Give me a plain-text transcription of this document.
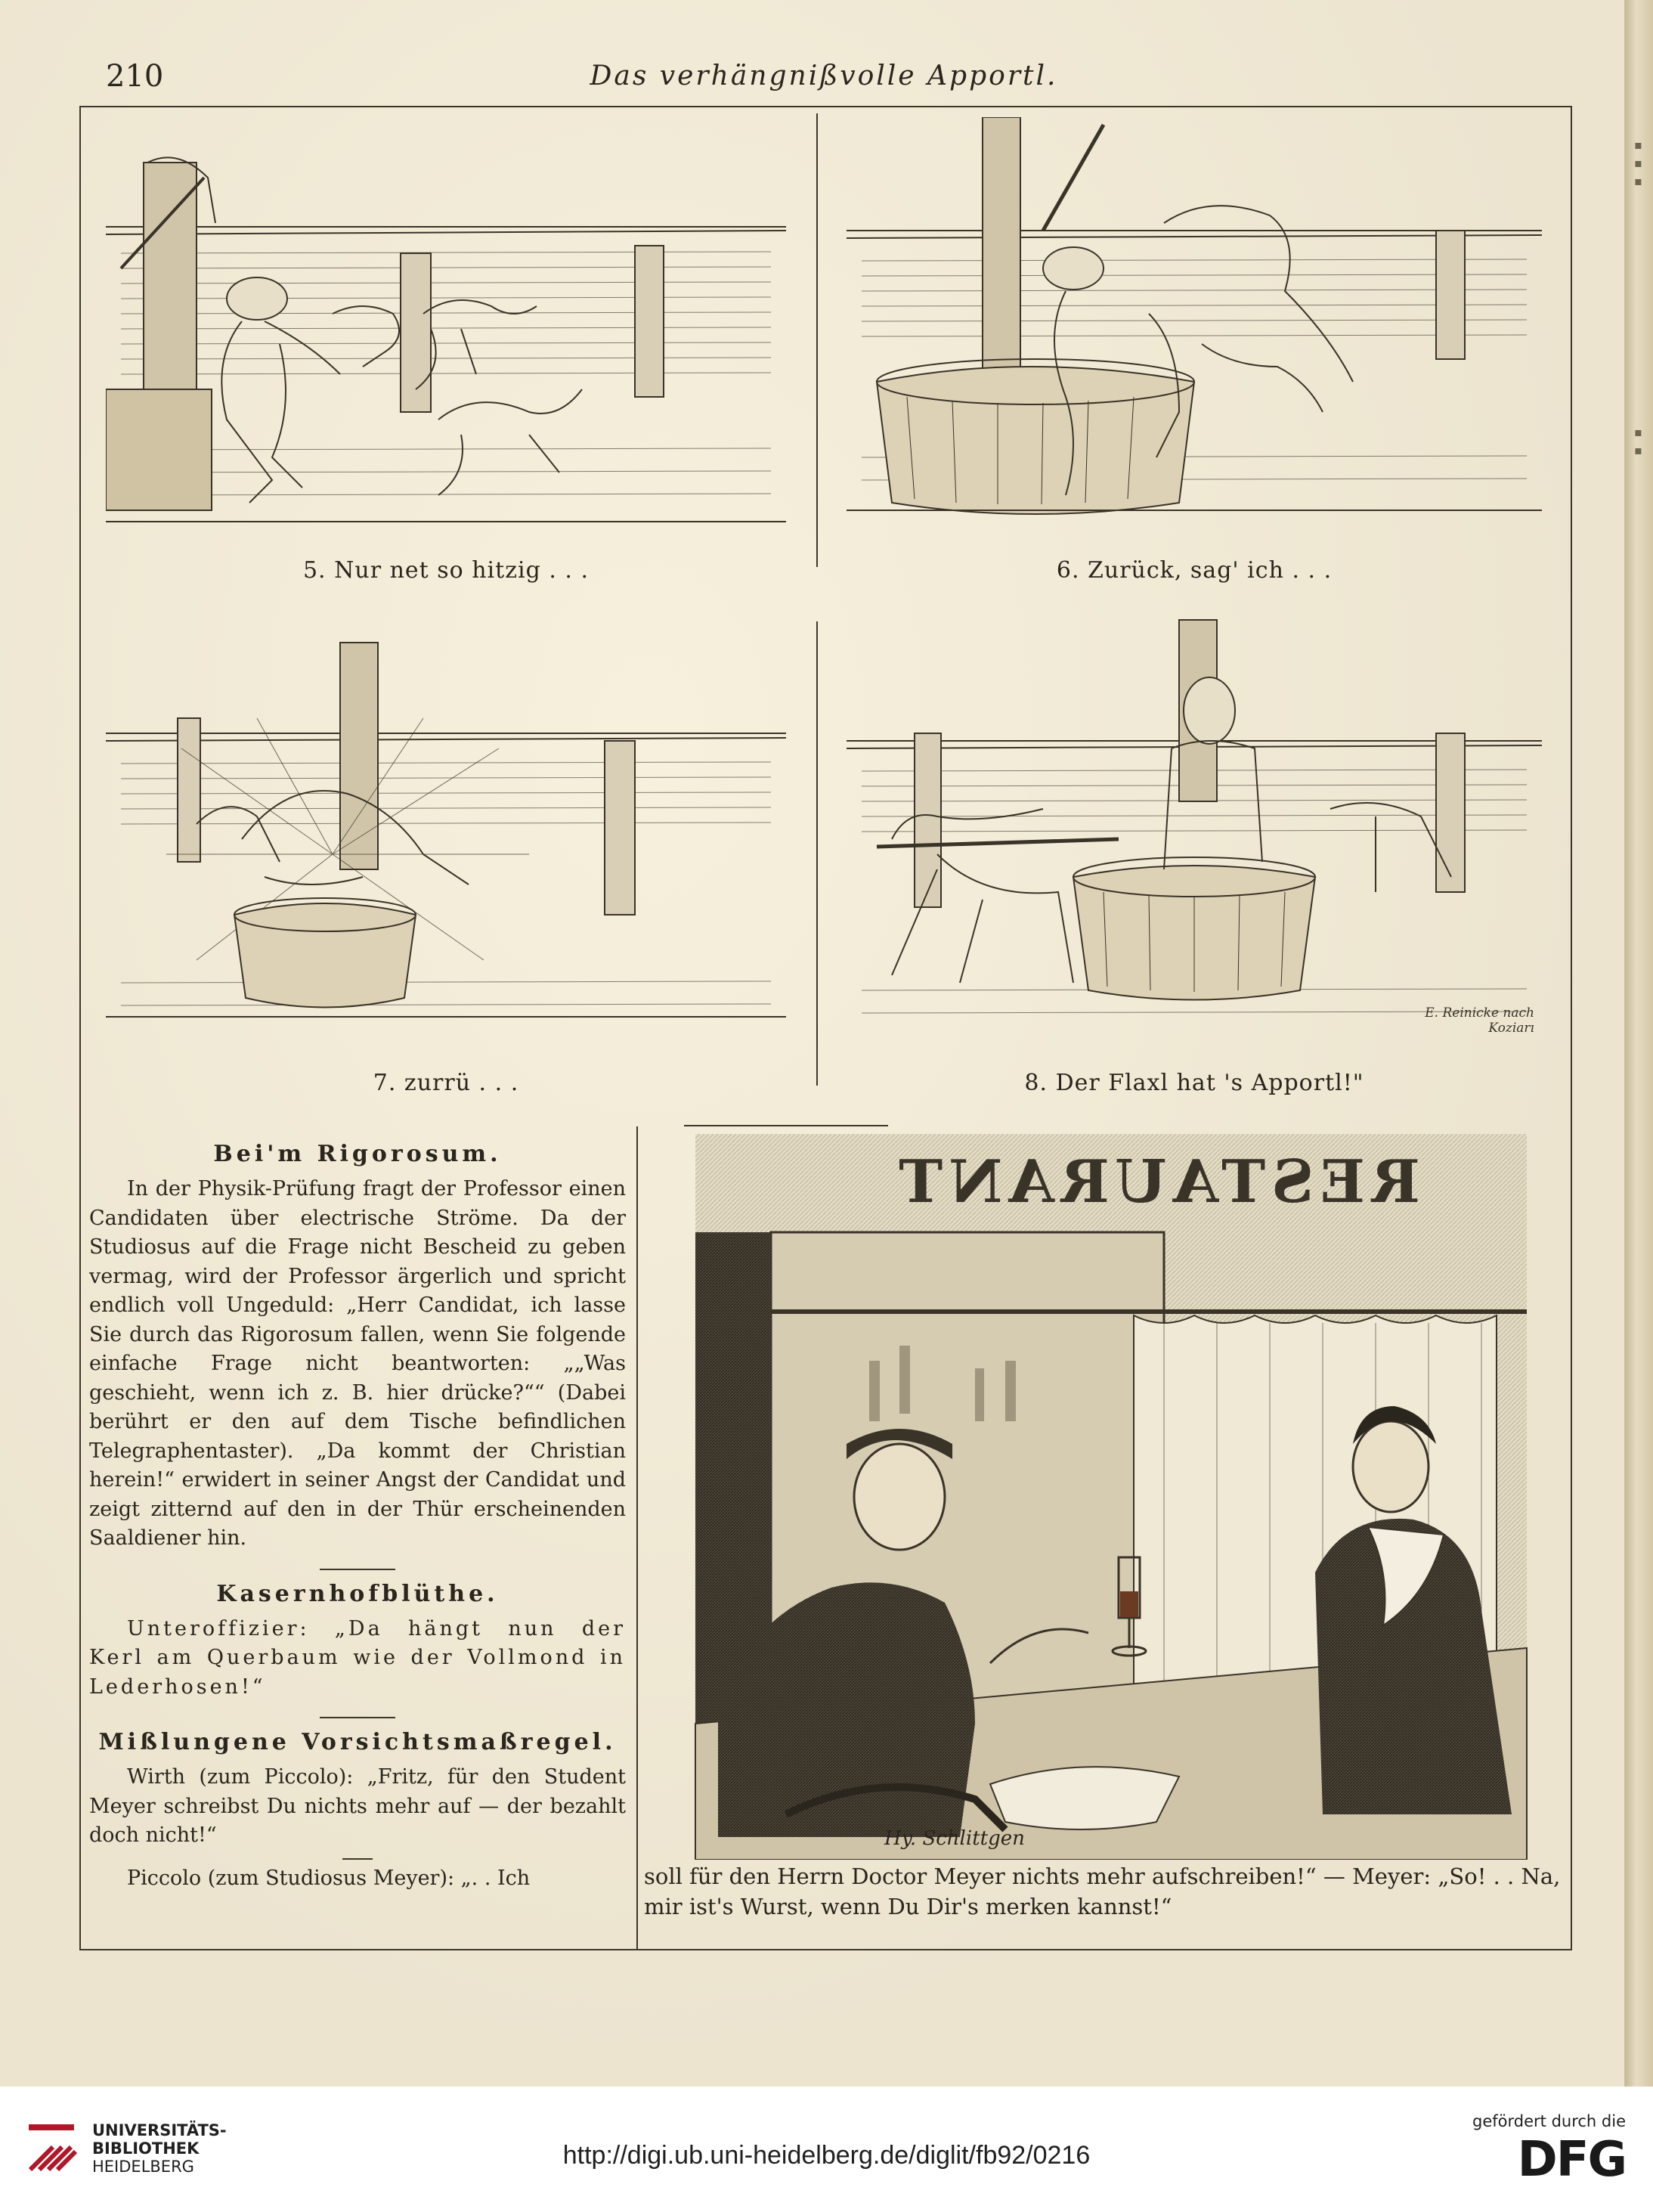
210	Das verhängnißvolle Apportl.
5. Nur net so hitzig . . .	6. Zurück, sag' ich . . .
7. zurrü . . .
E. Reinicke nach Koziarı
8. Der Flaxl hat 's Apportl!"
Bei'm Rigorosum.
In der Physik-Prüfung fragt der Professor einen Candidaten über electrische Ströme. Da der Studiosus auf die Frage nicht Bescheid zu geben vermag, wird der Professor ärgerlich und spricht endlich voll Ungeduld: „Herr Candidat, ich lasse Sie durch das Rigorosum fallen, wenn Sie folgende einfache Frage nicht beantworten: „„Was geschieht, wenn ich z. B. hier drücke?““ (Dabei berührt er den auf dem Tische befindlichen Telegraphentaster). „Da kommt der Christian herein!“ erwidert in seiner Angst der Candidat und zeigt zitternd auf den in der Thür erscheinenden Saaldiener hin.
Kasernhofblüthe.
Unteroffizier: „Da hängt nun der Kerl am Querbaum wie der Vollmond in Lederhosen!“
Mißlungene Vorsichtsmaßregel.
Wirth (zum Piccolo): „Fritz, für den Student Meyer schreibst Du nichts mehr auf — der bezahlt doch nicht!“
Piccolo (zum Studiosus Meyer): „. . Ich
RESTAURANT
Hy. Schlittgen
soll für den Herrn Doctor Meyer nichts mehr aufschreiben!“ — Meyer: „So! . . Na, mir ist's Wurst, wenn Du Dir's merken kannst!“
▪
▪
▪
▪
▪
UNIVERSITÄTS-
BIBLIOTHEK
HEIDELBERG	http://digi.ub.uni-heidelberg.de/diglit/fb92/0216
gefördert durch die
DFG
